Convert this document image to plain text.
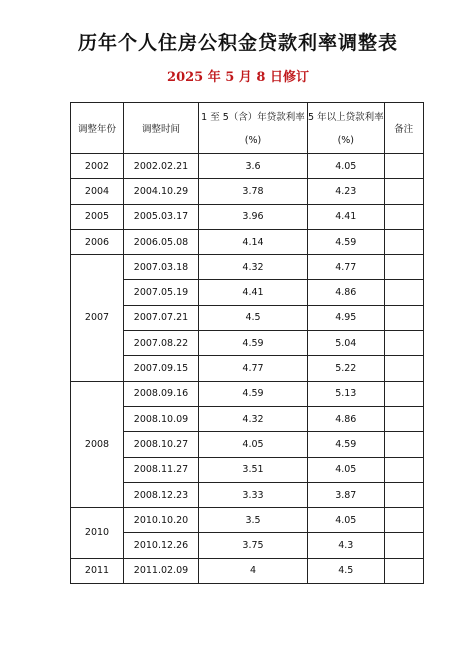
历年个人住房公积金贷款利率调整表
2025 年 5 月 8 日修订
调整年份	调整时间	1 至 5（含）年贷款利率	5 年以上贷款利率	备注
		(%)	(%)	
2002	2002.02.21	3.6	4.05	
2004	2004.10.29	3.78	4.23	
2005	2005.03.17	3.96	4.41	
2006	2006.05.08	4.14	4.59	
2007	2007.03.18	4.32	4.77	
	2007.05.19	4.41	4.86	
	2007.07.21	4.5	4.95	
	2007.08.22	4.59	5.04	
	2007.09.15	4.77	5.22	
2008	2008.09.16	4.59	5.13	
	2008.10.09	4.32	4.86	
	2008.10.27	4.05	4.59	
	2008.11.27	3.51	4.05	
	2008.12.23	3.33	3.87	
2010	2010.10.20	3.5	4.05	
	2010.12.26	3.75	4.3	
2011	2011.02.09	4	4.5	
